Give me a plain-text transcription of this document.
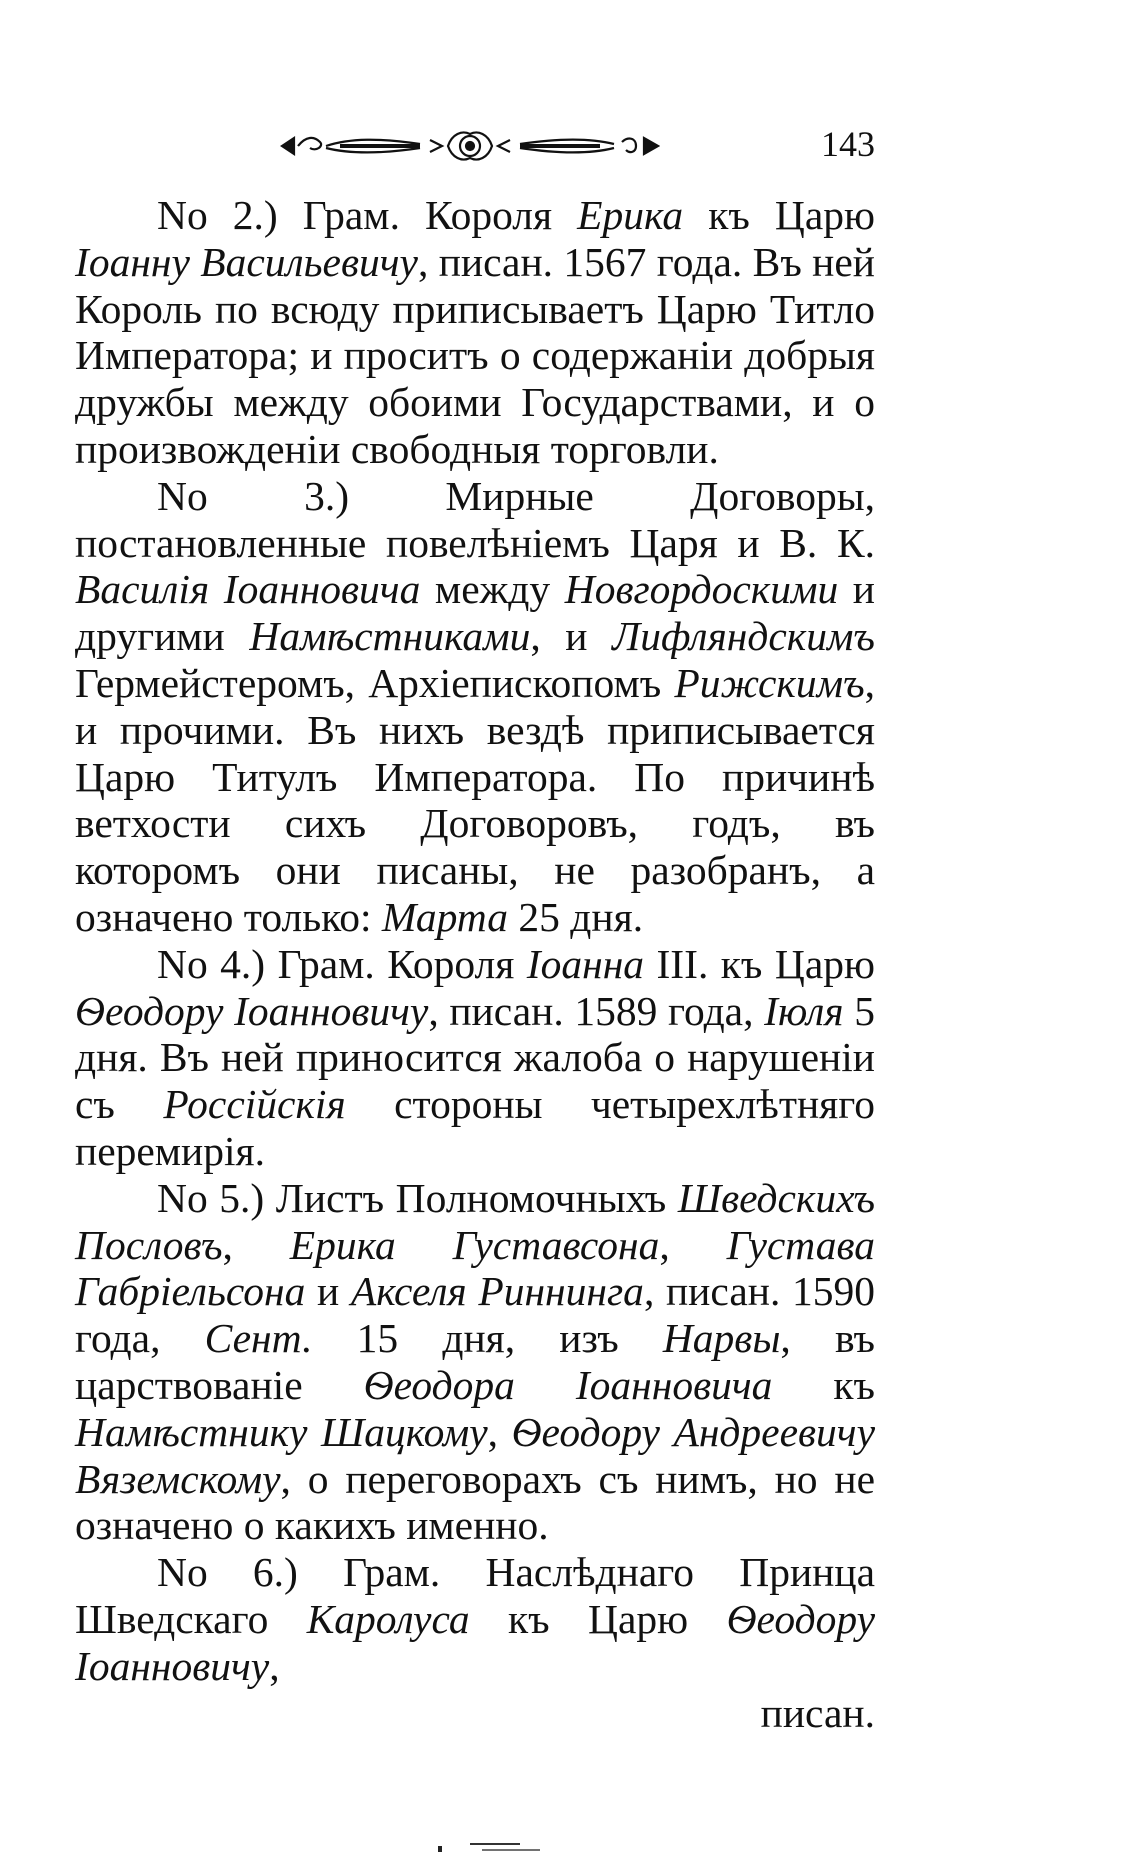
143

No 2.) Грам. Короля Ерика къ Царю Іоанну Васильевичу, писан. 1567 года. Въ ней Король по всюду приписываетъ Царю Титло Императора; и проситъ о содержаніи добрыя дружбы между обоими Государствами, и о произвожденіи свободныя торговли.

No 3.) Мирные Договоры, постановленные повелѣніемъ Царя и В. К. Василія Іоанновича между Новгордоскими и другими Намѣстниками, и Лифляндскимъ Гермейстеромъ, Архіепископомъ Рижскимъ, и прочими. Въ нихъ вездѣ приписывается Царю Титулъ Императора. По причинѣ ветхости сихъ Договоровъ, годъ, въ которомъ они писаны, не разобранъ, а означено только: Марта 25 дня.

No 4.) Грам. Короля Іоанна III. къ Царю Ѳеодору Іоанновичу, писан. 1589 года, Іюля 5 дня. Въ ней приносится жалоба о нарушеніи съ Россійскія стороны четырехлѣтняго перемирія.

No 5.) Листъ Полномочныхъ Шведскихъ Пословъ, Ерика Густавсона, Густава Габріельсона и Акселя Риннинга, писан. 1590 года, Сент. 15 дня, изъ Нарвы, въ царствованіе Ѳеодора Іоанновича къ Намѣстнику Шацкому, Ѳеодору Андреевичу Вяземскому, о переговорахъ съ нимъ, но не означено о какихъ именно.

No 6.) Грам. Наслѣднаго Принца Шведскаго Каролуса къ Царю Ѳеодору Іоанновичу,
писан.
